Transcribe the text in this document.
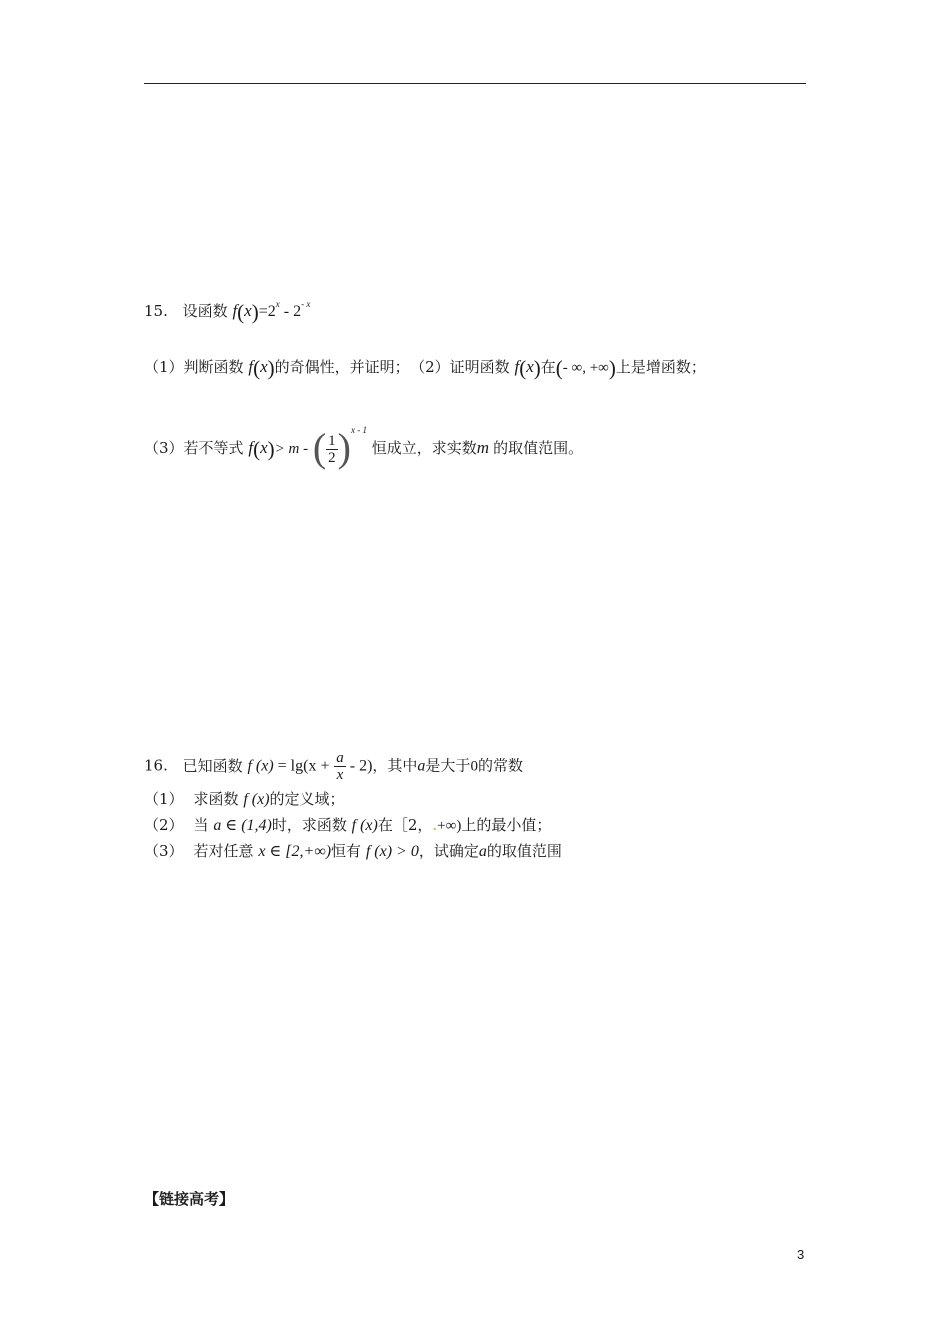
15. 设函数 $f(x)=2^x - 2^{- x}$
（1）判断函数 f(x)的奇偶性，并证明； （2）证明函数 f(x)在(- ∞, +∞)上是增函数；
（3）若不等式 f(x)> m - ( $\frac{1}{2} )^{x - 1}$ 恒成立，求实数m 的取值范围。
16. 已知函数 f $(x) = \lg(x + \frac{a}{x} - 2)$，其中a是大于0的常数
（1） 求函数 f (x)的定义域；
（2） 当 a ∈ (1,4)时，求函数 f (x)在［2，.+∞)上的最小值；
（3） 若对任意 x ∈ [2,+∞)恒有 f (x) > 0，试确定a的取值范围
【链接高考】
3
